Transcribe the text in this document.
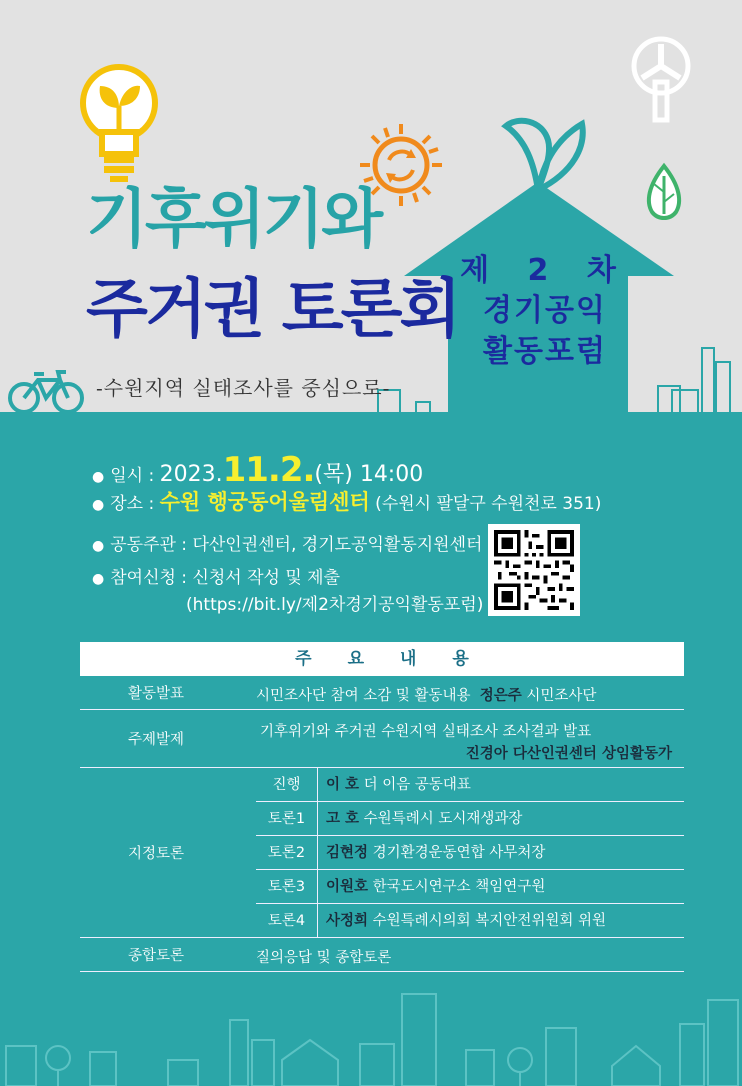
기후위기와
주거권 토론회
-수원지역 실태조사를 중심으로-
제 2 차
경기공익
활동포럼
● 일시 : 2023.11.2.(목) 14:00
● 장소 : 수원 행궁동어울림센터 (수원시 팔달구 수원천로 351)
● 공동주관 : 다산인권센터, 경기도공익활동지원센터
● 참여신청 : 신청서 작성 및 제출
(https://bit.ly/제2차경기공익활동포럼)
주요내용
활동발표	시민조사단 참여 소감 및 활동내용 정은주 시민조사단
주제발제	기후위기와 주거권 수원지역 실태조사 조사결과 발표
진경아 다산인권센터 상임활동가
지정토론
진행	이 호 더 이음 공동대표
토론1	고 호 수원특례시 도시재생과장
토론2	김현정 경기환경운동연합 사무처장
토론3	이원호 한국도시연구소 책임연구원
토론4	사정희 수원특례시의회 복지안전위원회 위원
종합토론	질의응답 및 종합토론
